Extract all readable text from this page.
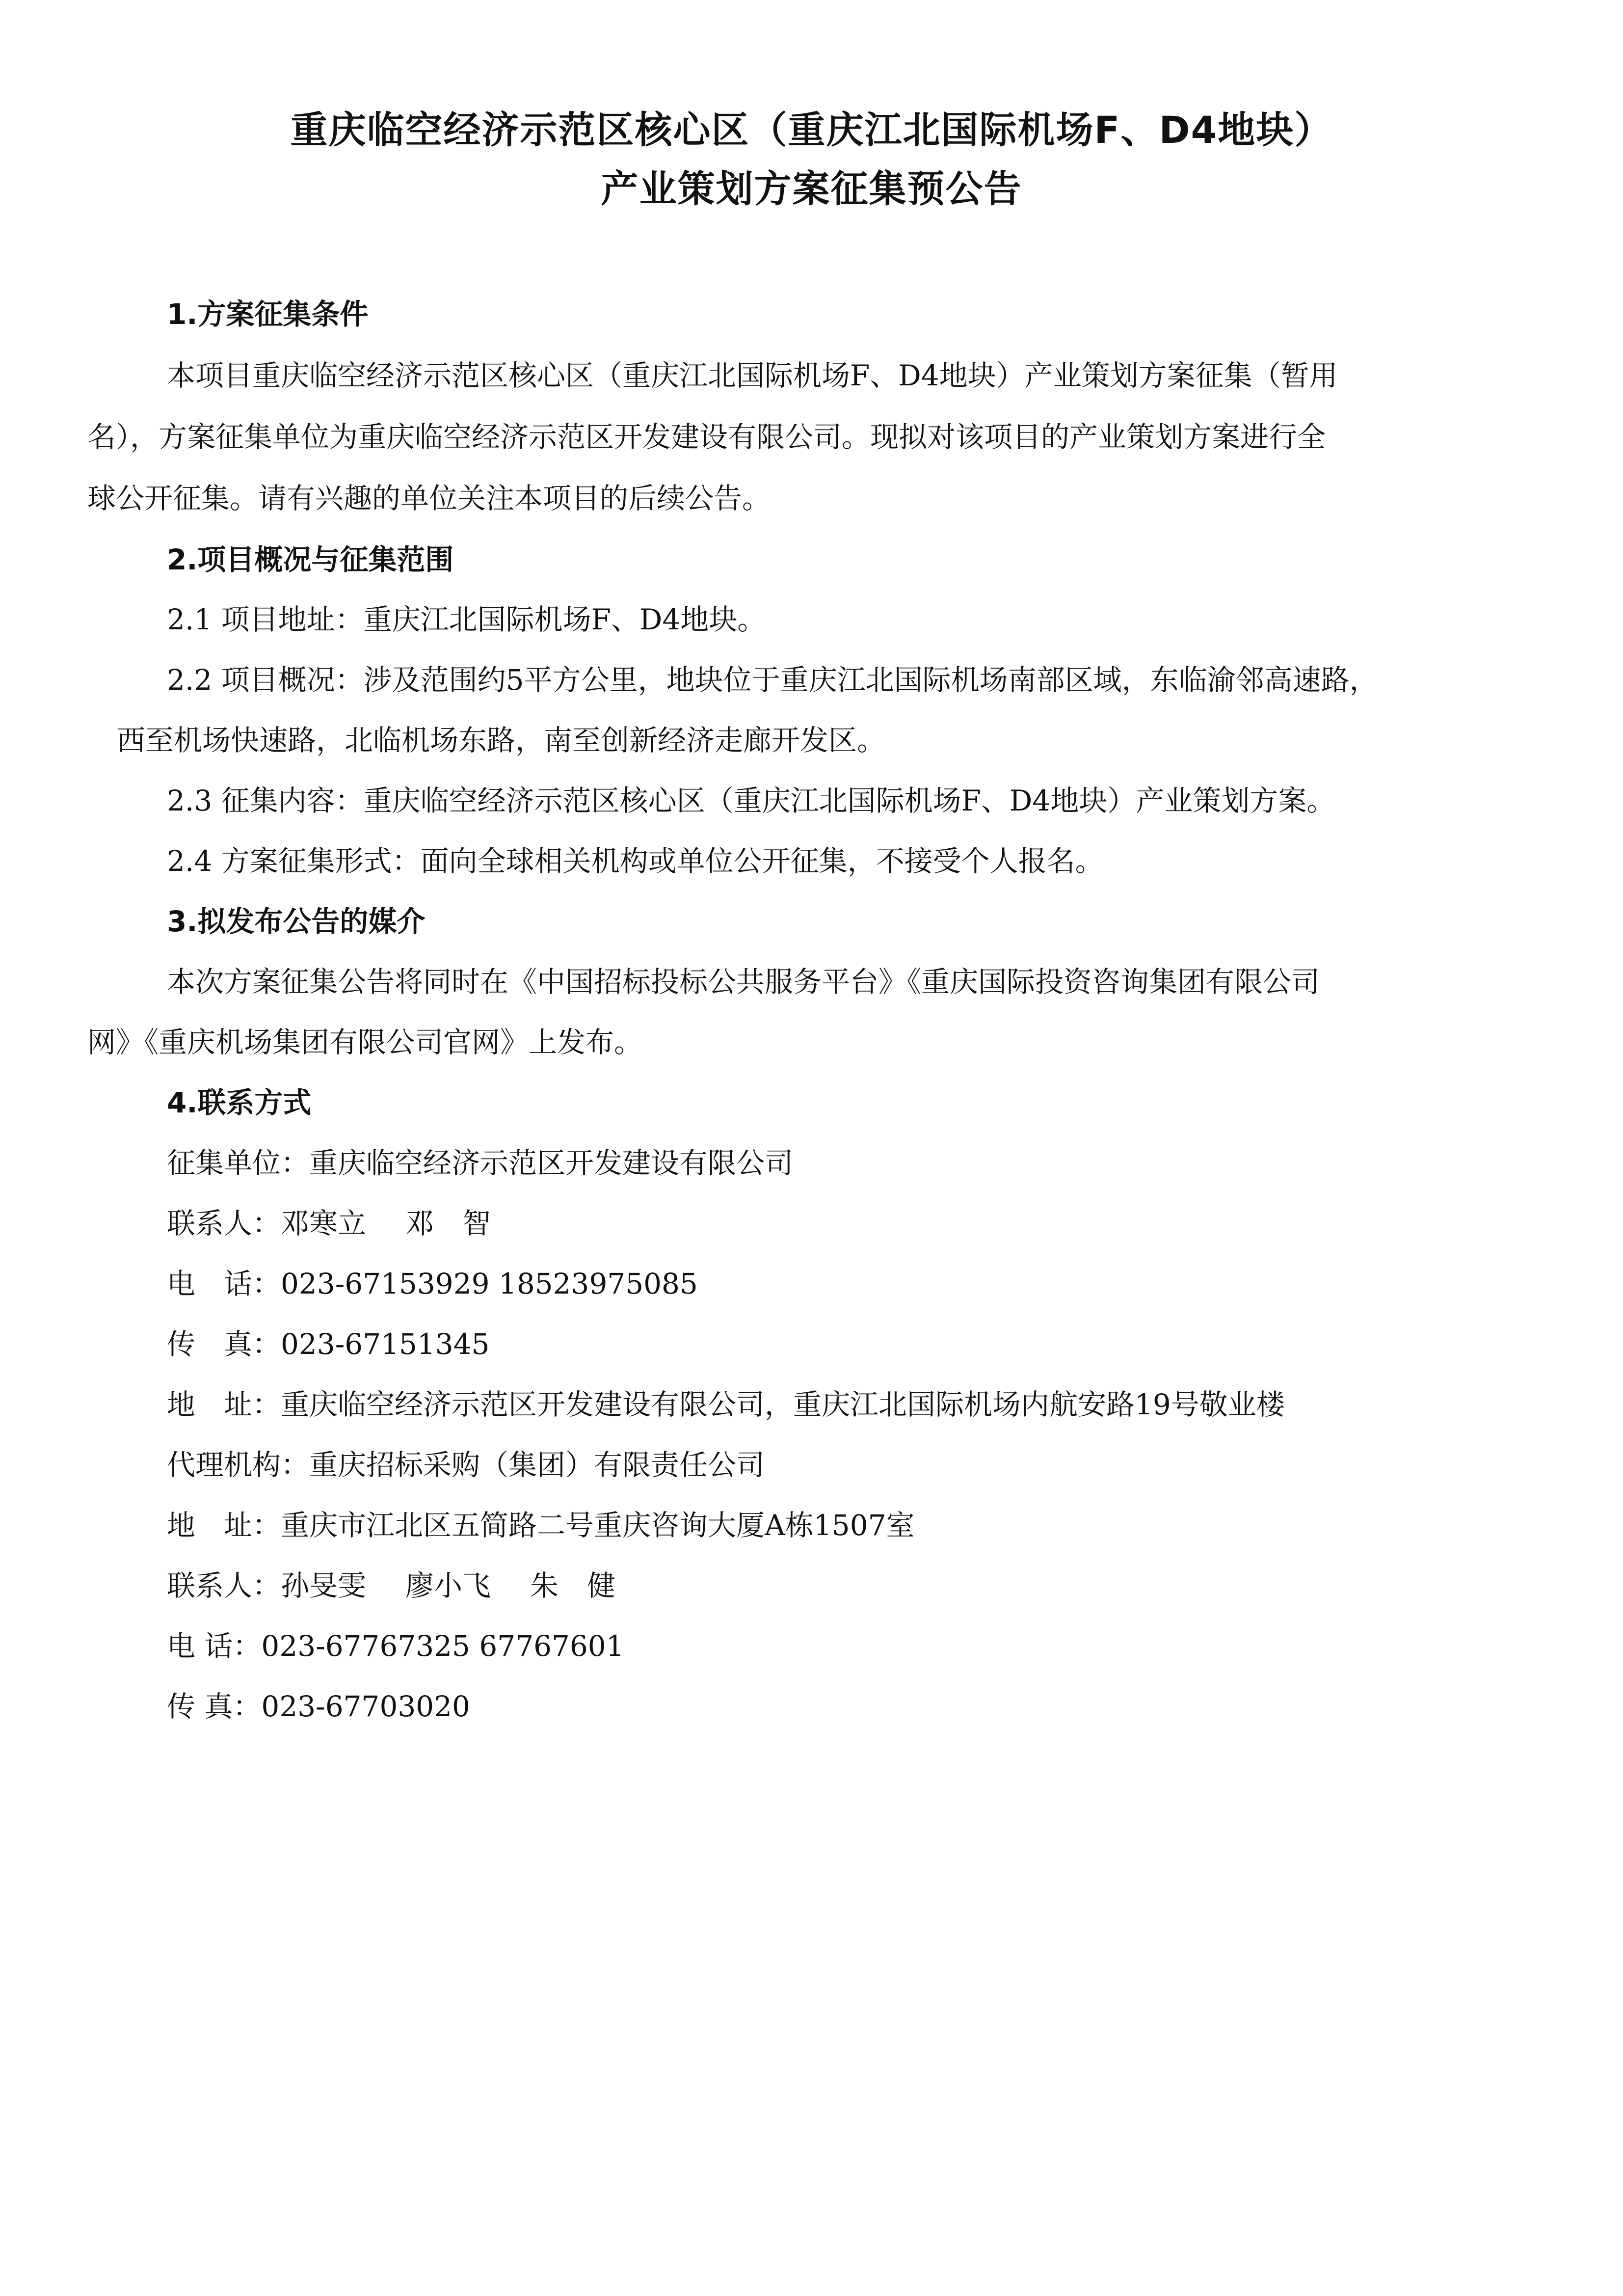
重庆临空经济示范区核心区（重庆江北国际机场F、D4地块）
产业策划方案征集预公告
1.方案征集条件
本项目重庆临空经济示范区核心区（重庆江北国际机场F、D4地块）产业策划方案征集（暂用
名），方案征集单位为重庆临空经济示范区开发建设有限公司。现拟对该项目的产业策划方案进行全
球公开征集。请有兴趣的单位关注本项目的后续公告。
2.项目概况与征集范围
2.1 项目地址：重庆江北国际机场F、D4地块。
2.2 项目概况：涉及范围约5平方公里，地块位于重庆江北国际机场南部区域，东临渝邻高速路，
西至机场快速路，北临机场东路，南至创新经济走廊开发区。
2.3 征集内容：重庆临空经济示范区核心区（重庆江北国际机场F、D4地块）产业策划方案。
2.4 方案征集形式：面向全球相关机构或单位公开征集，不接受个人报名。
3.拟发布公告的媒介
本次方案征集公告将同时在《中国招标投标公共服务平台》《重庆国际投资咨询集团有限公司
网》《重庆机场集团有限公司官网》上发布。
4.联系方式
征集单位：重庆临空经济示范区开发建设有限公司
联系人：邓寒立 邓　智
电　话：023-67153929 18523975085
传　真：023-67151345
地　址：重庆临空经济示范区开发建设有限公司，重庆江北国际机场内航安路19号敬业楼
代理机构：重庆招标采购（集团）有限责任公司
地　址：重庆市江北区五简路二号重庆咨询大厦A栋1507室
联系人：孙旻雯 廖小飞 朱　健
电 话：023-67767325 67767601
传 真：023-67703020
